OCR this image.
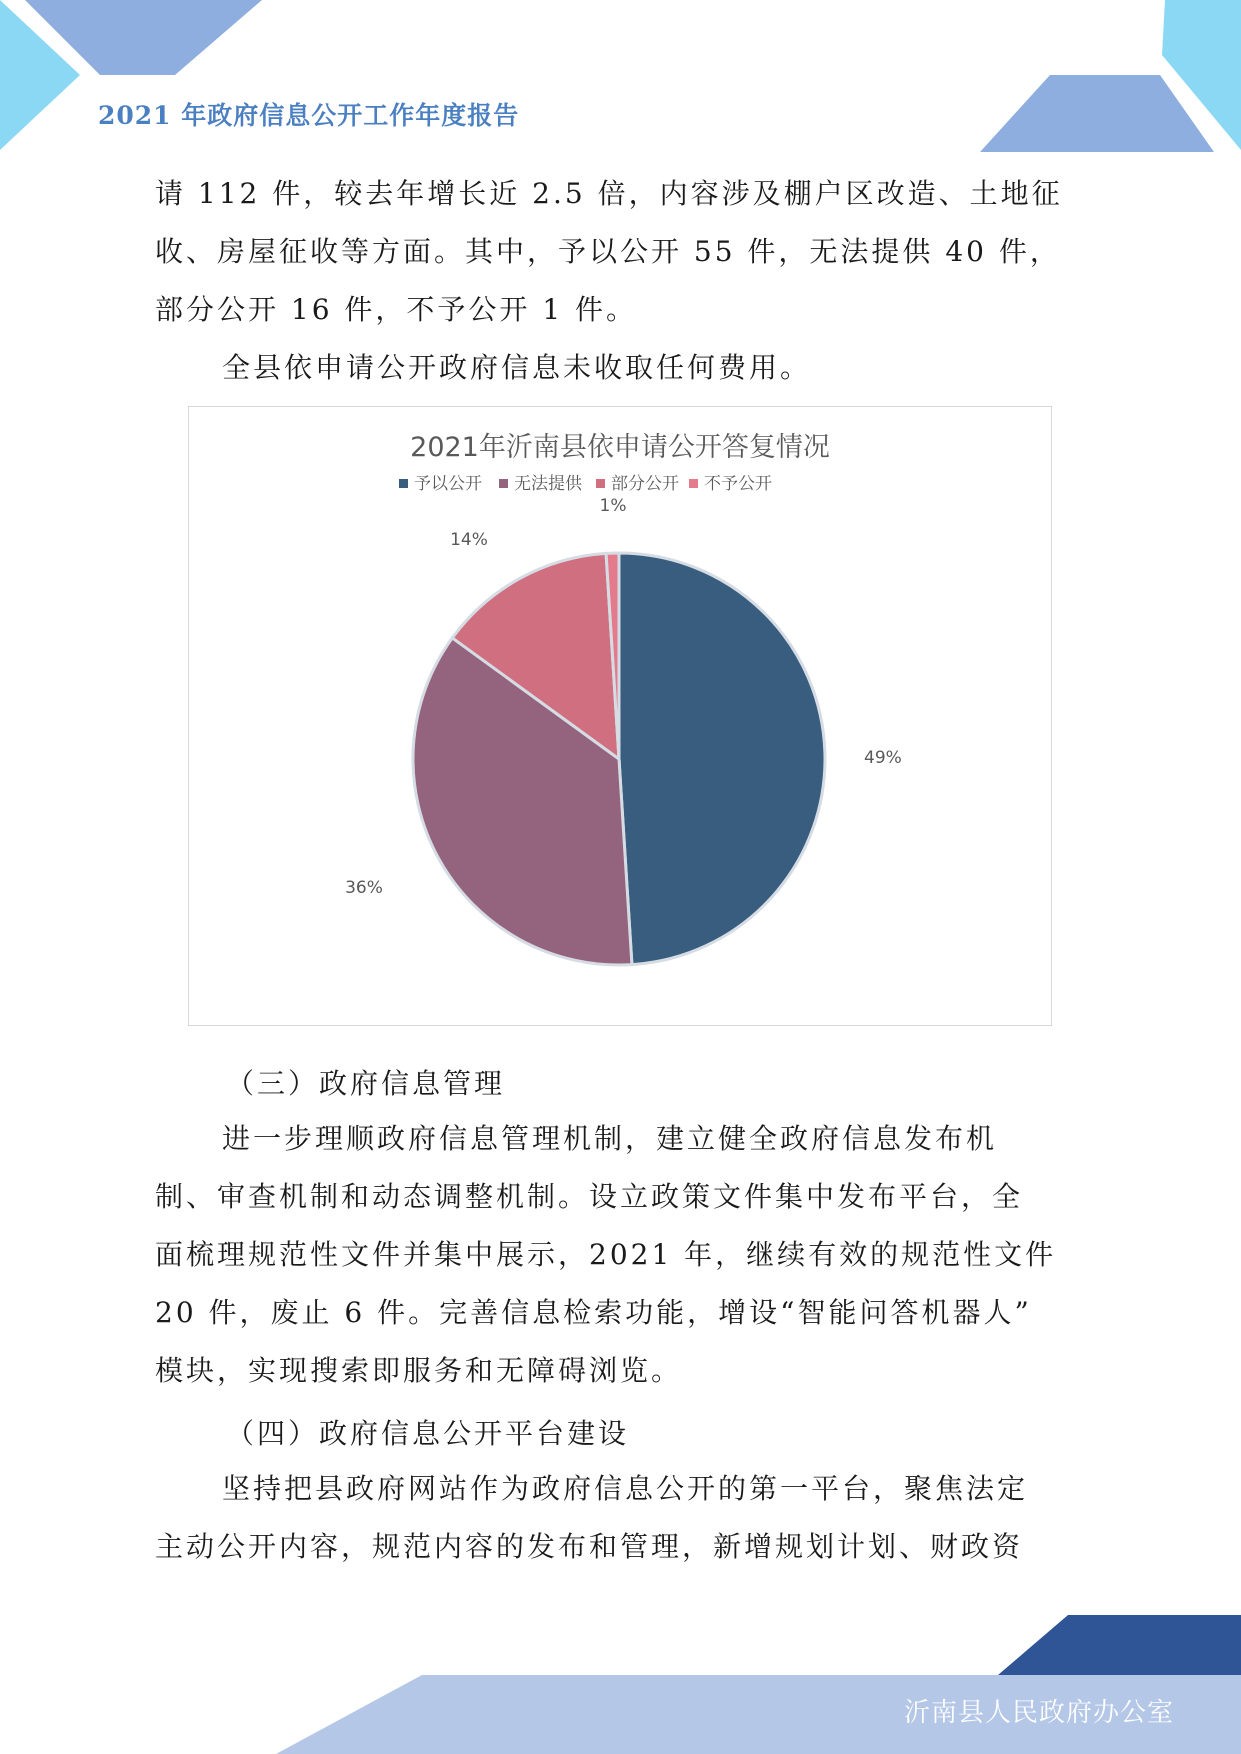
2021 年政府信息公开工作年度报告
请 112 件，较去年增长近 2.5 倍，内容涉及棚户区改造、土地征
收、房屋征收等方面。其中，予以公开 55 件，无法提供 40 件，
部分公开 16 件，不予公开 1 件。
全县依申请公开政府信息未收取任何费用。
2021年沂南县依申请公开答复情况
予以公开 无法提供 部分公开 不予公开
49%
36%
14%
1%
（三）政府信息管理
进一步理顺政府信息管理机制，建立健全政府信息发布机
制、审查机制和动态调整机制。设立政策文件集中发布平台，全
面梳理规范性文件并集中展示，2021 年，继续有效的规范性文件
20 件，废止 6 件。完善信息检索功能，增设“智能问答机器人”
模块，实现搜索即服务和无障碍浏览。
（四）政府信息公开平台建设
坚持把县政府网站作为政府信息公开的第一平台，聚焦法定
主动公开内容，规范内容的发布和管理，新增规划计划、财政资
沂南县人民政府办公室
